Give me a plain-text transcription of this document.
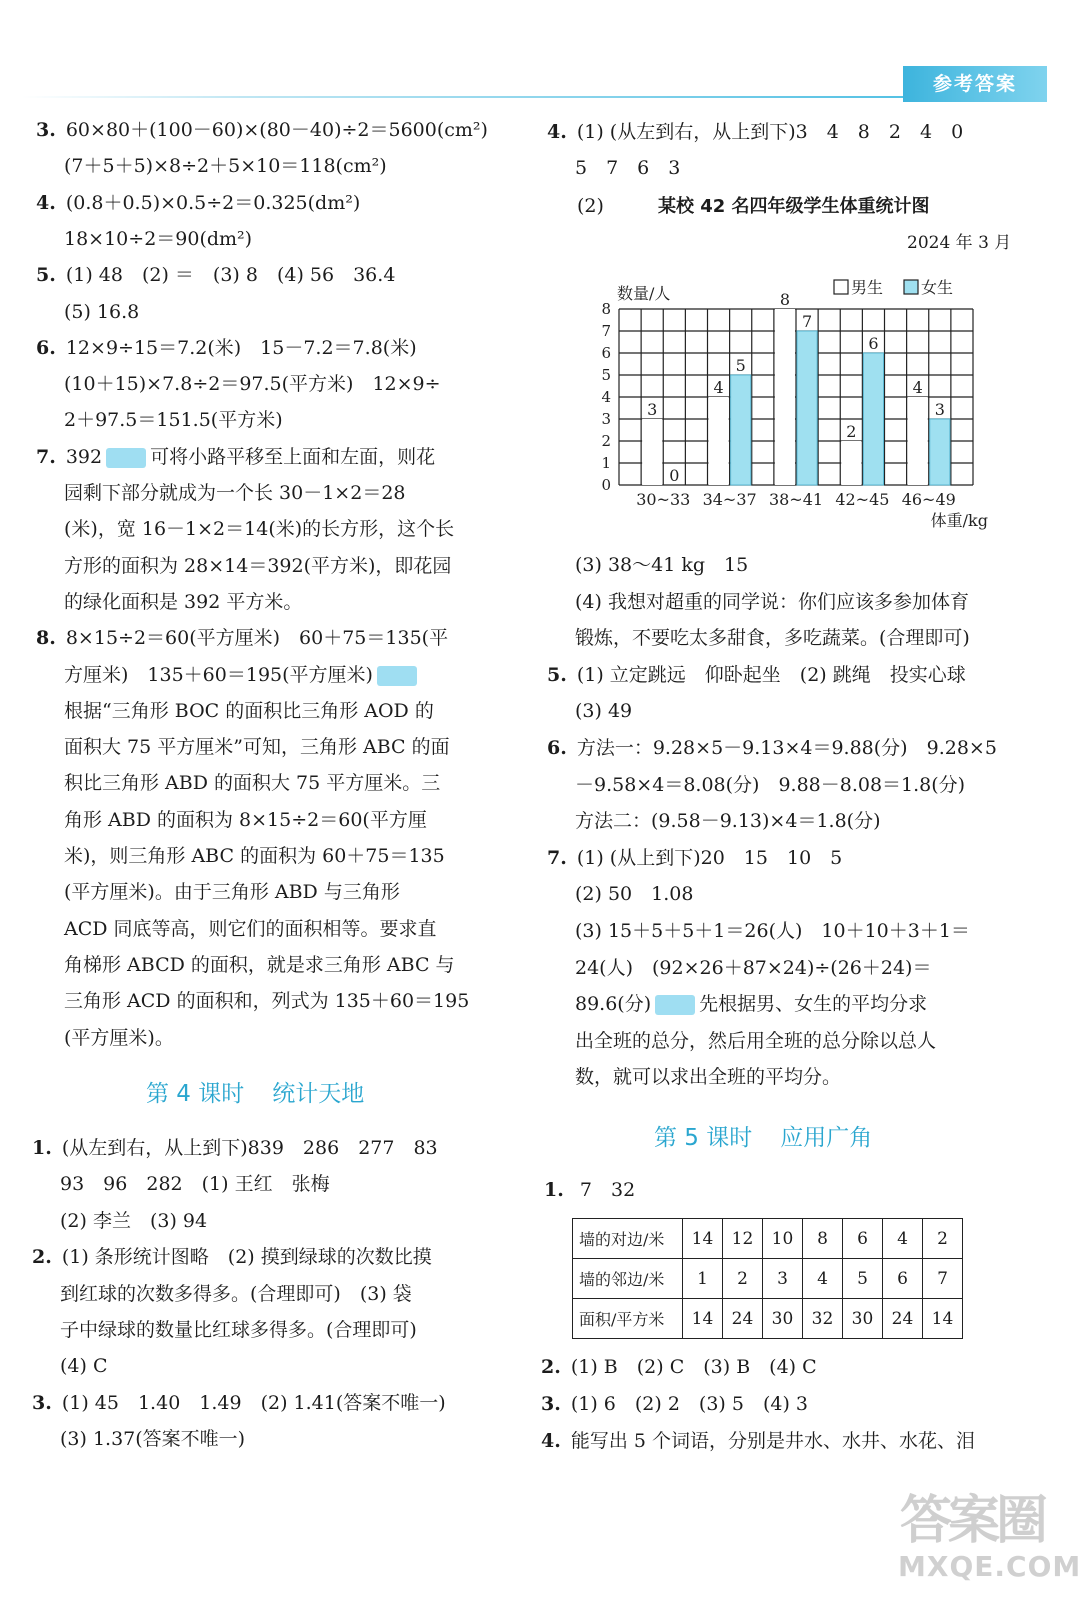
参考答案
3. 60×80＋(100－60)×(80－40)÷2＝5600(cm²)
(7＋5＋5)×8÷2＋5×10＝118(cm²)
4. (0.8＋0.5)×0.5÷2＝0.325(dm²)
18×10÷2＝90(dm²)
5. (1) 48　(2) ＝　(3) 8　(4) 56　36.4
(5) 16.8
6. 12×9÷15＝7.2(米)　15－7.2＝7.8(米)
(10＋15)×7.8÷2＝97.5(平方米)　12×9÷
2＋97.5＝151.5(平方米)
7. 392	可将小路平移至上面和左面，则花
园剩下部分就成为一个长 30－1×2＝28
(米)，宽 16－1×2＝14(米)的长方形，这个长
方形的面积为 28×14＝392(平方米)，即花园
的绿化面积是 392 平方米。
8. 8×15÷2＝60(平方厘米)　60＋75＝135(平
方厘米)　135＋60＝195(平方厘米)
根据“三角形 BOC 的面积比三角形 AOD 的
面积大 75 平方厘米”可知，三角形 ABC 的面
积比三角形 ABD 的面积大 75 平方厘米。三
角形 ABD 的面积为 8×15÷2＝60(平方厘
米)，则三角形 ABC 的面积为 60＋75＝135
(平方厘米)。由于三角形 ABD 与三角形
ACD 同底等高，则它们的面积相等。要求直
角梯形 ABCD 的面积，就是求三角形 ABC 与
三角形 ACD 的面积和，列式为 135＋60＝195
(平方厘米)。
第 4 课时 统计天地
1. (从左到右，从上到下)839　286　277　83
93　96　282　(1) 王红　张梅
(2) 李兰　(3) 94
2. (1) 条形统计图略　(2) 摸到绿球的次数比摸
到红球的次数多得多。(合理即可)　(3) 袋
子中绿球的数量比红球多得多。(合理即可)
(4) C
3. (1) 45　1.40　1.49　(2) 1.41(答案不唯一)
(3) 1.37(答案不唯一)
4. (1) (从左到右，从上到下)3　4　8　2　4　0
5　7　6　3
(2)	某校 42 名四年级学生体重统计图
2024 年 3 月
0
1
2
3
4
5
6
7
8
数量/人	男生 女生
3
0
30~33
4
5
34~37
8
7
38~41
2
6
42~45
4
3
46~49
体重/kg
(3) 38～41 kg　15
(4) 我想对超重的同学说：你们应该多参加体育
锻炼，不要吃太多甜食，多吃蔬菜。(合理即可)
5. (1) 立定跳远　仰卧起坐　(2) 跳绳　投实心球
(3) 49
6. 方法一：9.28×5－9.13×4＝9.88(分)　9.28×5
－9.58×4＝8.08(分)　9.88－8.08＝1.8(分)
方法二：(9.58－9.13)×4＝1.8(分)
7. (1) (从上到下)20　15　10　5
(2) 50　1.08
(3) 15＋5＋5＋1＝26(人)　10＋10＋3＋1＝
24(人)　(92×26＋87×24)÷(26＋24)＝
89.6(分)	先根据男、女生的平均分求
出全班的总分，然后用全班的总分除以总人
数，就可以求出全班的平均分。
第 5 课时 应用广角
1. 7　32
墙的对边/米	14	12	10	8	6	4	2
墙的邻边/米	1	2	3	4	5	6	7
面积/平方米	14	24	30	32	30	24	14
2. (1) B　(2) C　(3) B　(4) C
3. (1) 6　(2) 2　(3) 5　(4) 3
4. 能写出 5 个词语，分别是井水、水井、水花、泪
答案圈
MXQE.COM
